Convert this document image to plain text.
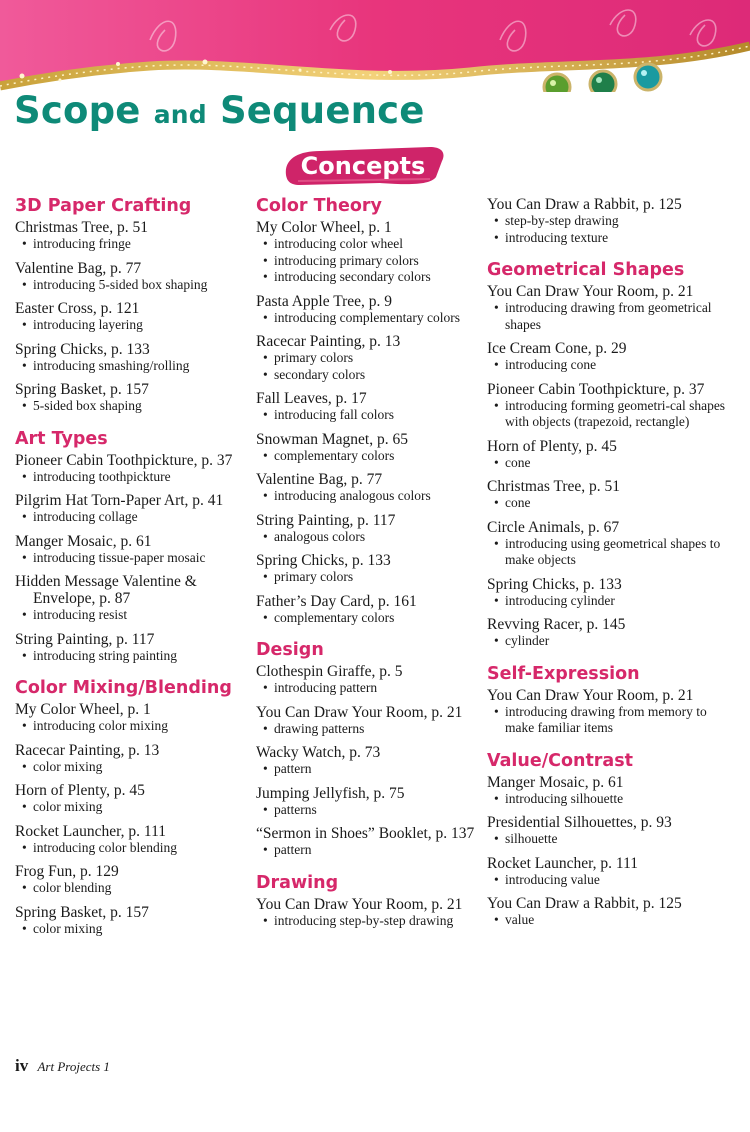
Scope and Sequence
Concepts
3D Paper Crafting
Christmas Tree, p. 51
• introducing fringe
Valentine Bag, p. 77
• introducing 5-sided box shaping
Easter Cross, p. 121
• introducing layering
Spring Chicks, p. 133
• introducing smashing/rolling
Spring Basket, p. 157
• 5-sided box shaping
Art Types
Pioneer Cabin Toothpickture, p. 37
• introducing toothpickture
Pilgrim Hat Torn-Paper Art, p. 41
• introducing collage
Manger Mosaic, p. 61
• introducing tissue-paper mosaic
Hidden Message Valentine & Envelope, p. 87
• introducing resist
String Painting, p. 117
• introducing string painting
Color Mixing/Blending
My Color Wheel, p. 1
• introducing color mixing
Racecar Painting, p. 13
• color mixing
Horn of Plenty, p. 45
• color mixing
Rocket Launcher, p. 111
• introducing color blending
Frog Fun, p. 129
• color blending
Spring Basket, p. 157
• color mixing
Color Theory
My Color Wheel, p. 1
• introducing color wheel
• introducing primary colors
• introducing secondary colors
Pasta Apple Tree, p. 9
• introducing complementary colors
Racecar Painting, p. 13
• primary colors
• secondary colors
Fall Leaves, p. 17
• introducing fall colors
Snowman Magnet, p. 65
• complementary colors
Valentine Bag, p. 77
• introducing analogous colors
String Painting, p. 117
• analogous colors
Spring Chicks, p. 133
• primary colors
Father’s Day Card, p. 161
• complementary colors
Design
Clothespin Giraffe, p. 5
• introducing pattern
You Can Draw Your Room, p. 21
• drawing patterns
Wacky Watch, p. 73
• pattern
Jumping Jellyfish, p. 75
• patterns
“Sermon in Shoes” Booklet, p. 137
• pattern
Drawing
You Can Draw Your Room, p. 21
• introducing step-by-step drawing
You Can Draw a Rabbit, p. 125
• step-by-step drawing
• introducing texture
Geometrical Shapes
You Can Draw Your Room, p. 21
• introducing drawing from geometrical shapes
Ice Cream Cone, p. 29
• introducing cone
Pioneer Cabin Toothpickture, p. 37
• introducing forming geometri-cal shapes with objects (trapezoid, rectangle)
Horn of Plenty, p. 45
• cone
Christmas Tree, p. 51
• cone
Circle Animals, p. 67
• introducing using geometrical shapes to make objects
Spring Chicks, p. 133
• introducing cylinder
Revving Racer, p. 145
• cylinder
Self-Expression
You Can Draw Your Room, p. 21
• introducing drawing from memory to make familiar items
Value/Contrast
Manger Mosaic, p. 61
• introducing silhouette
Presidential Silhouettes, p. 93
• silhouette
Rocket Launcher, p. 111
• introducing value
You Can Draw a Rabbit, p. 125
• value
iv Art Projects 1
